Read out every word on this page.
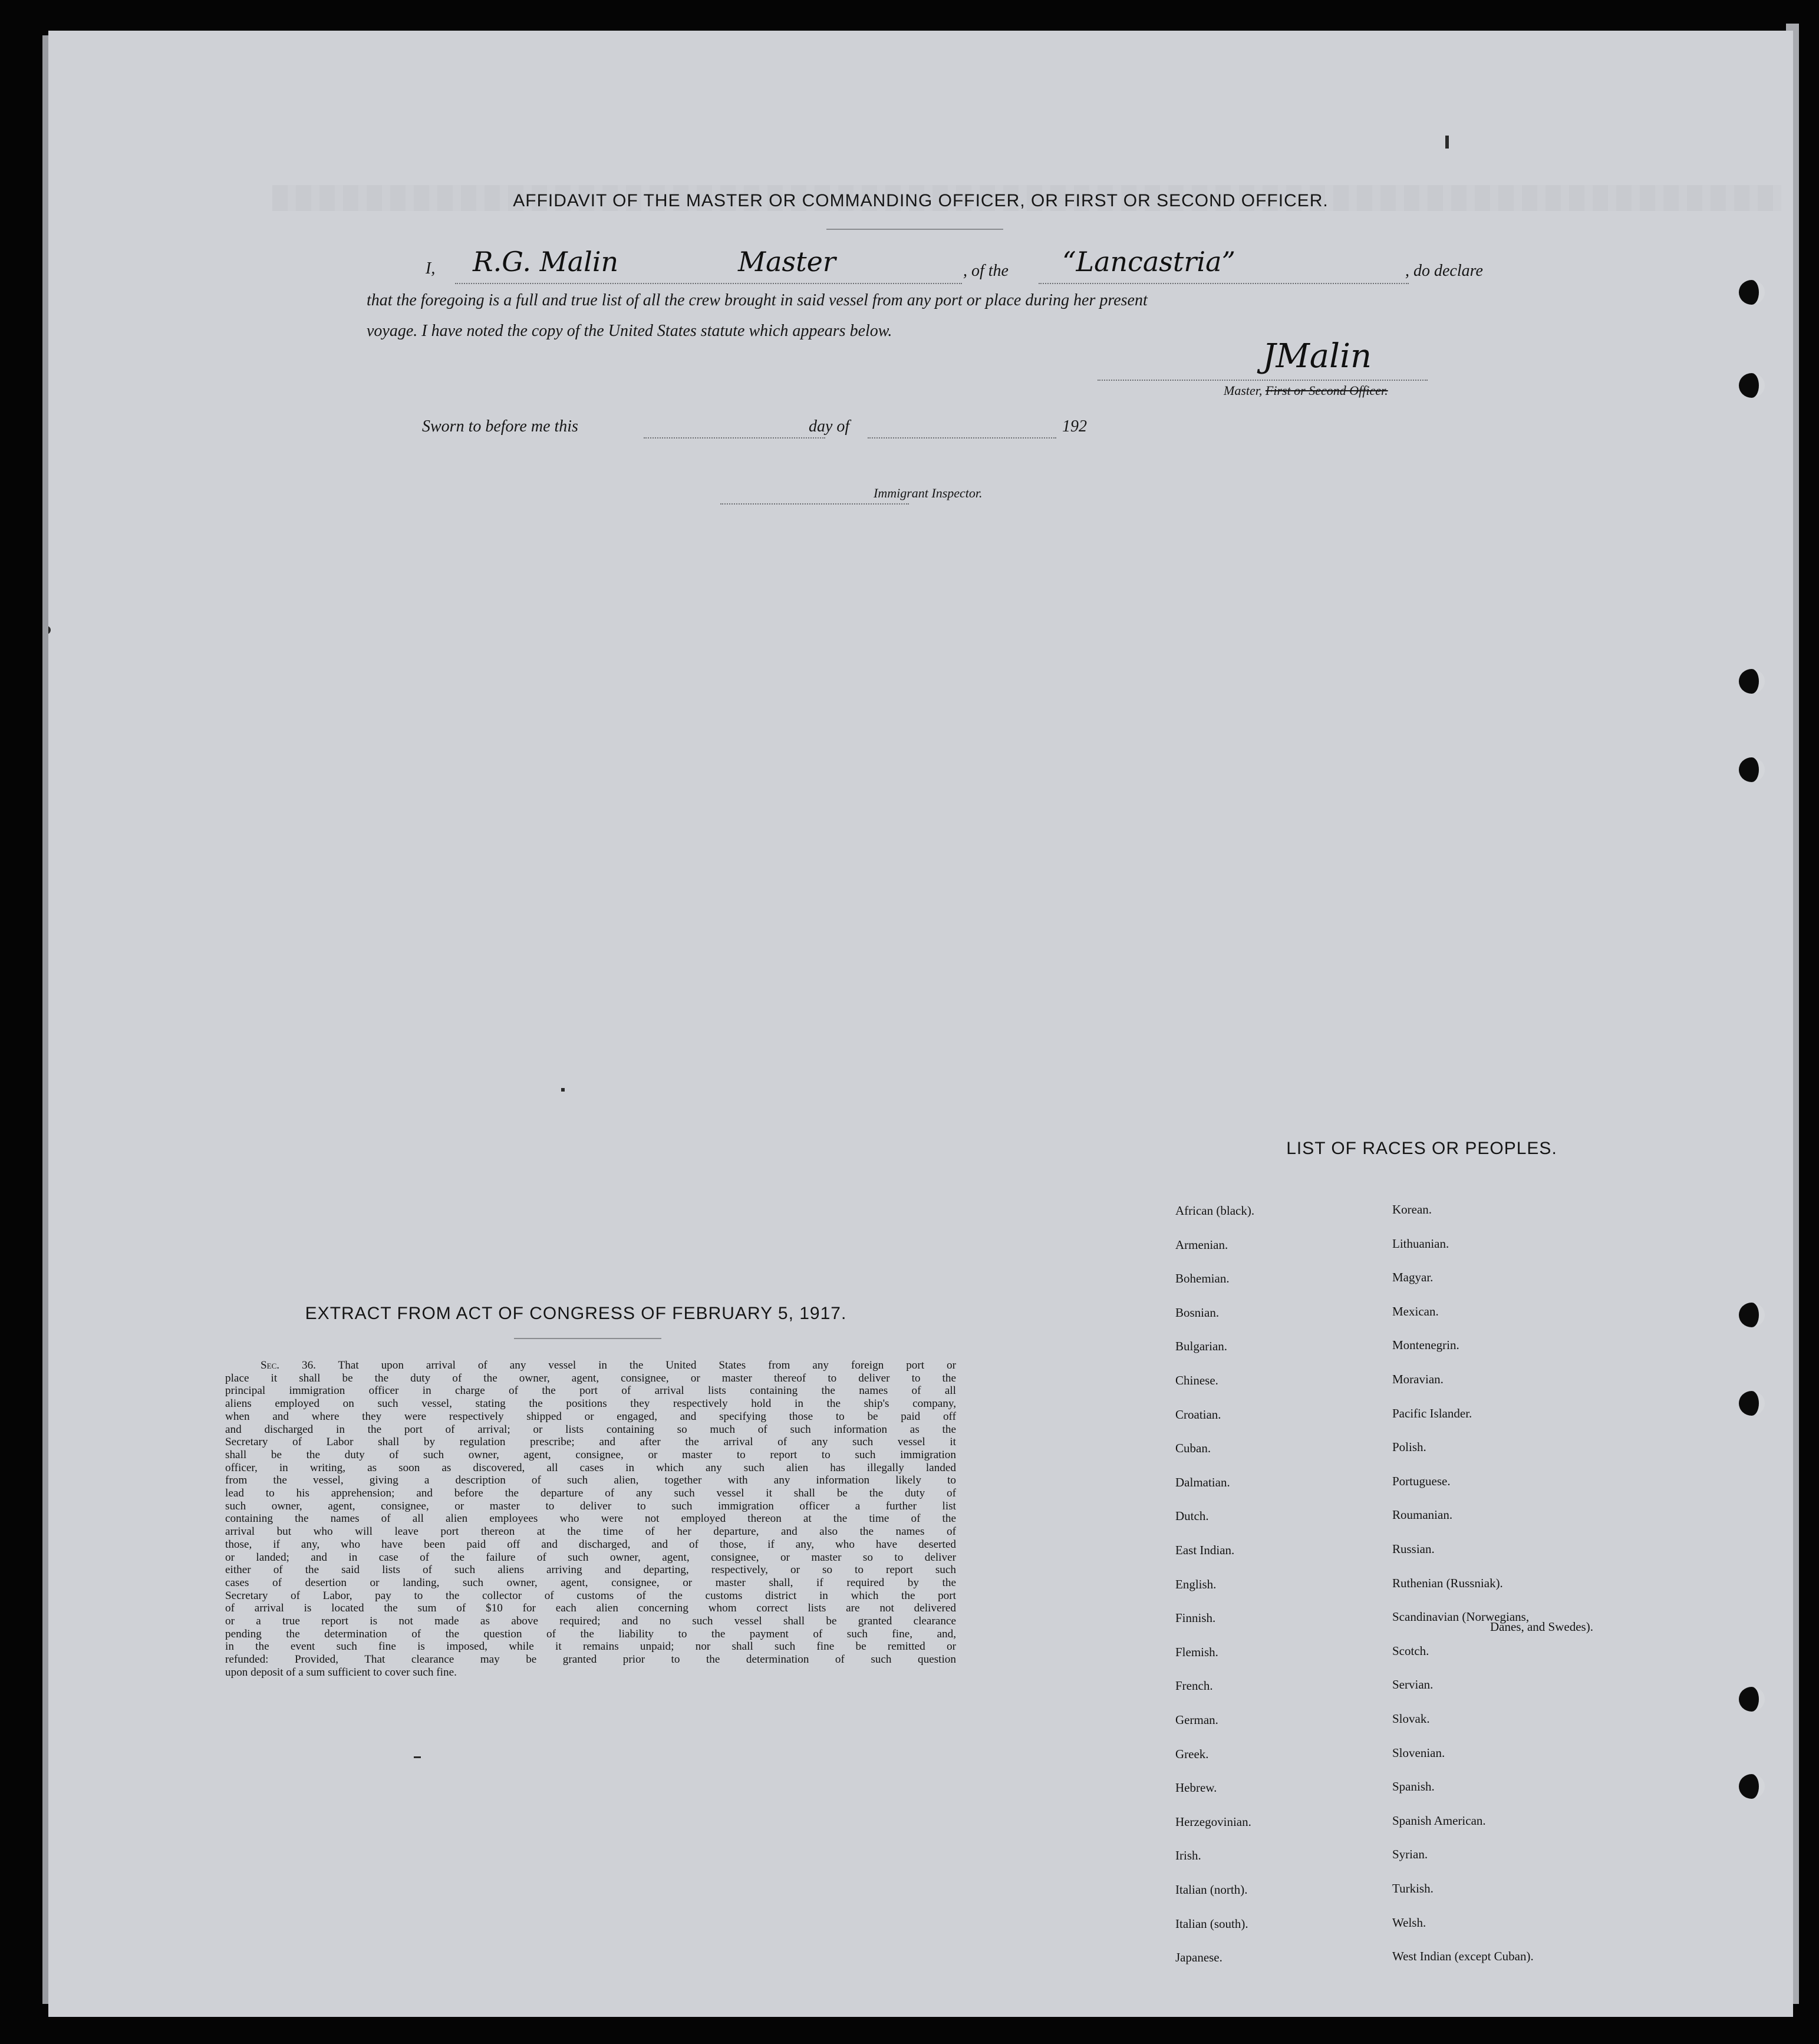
AFFIDAVIT OF THE MASTER OR COMMANDING OFFICER, OR FIRST OR SECOND OFFICER.
I, R.G. Malin	Master	, of the “Lancastria”	, do declare
that the foregoing is a full and true list of all the crew brought in said vessel from any port or place during her present
voyage. I have noted the copy of the United States statute which appears below.
JMalin
Master, First or Second Officer.
Sworn to before me this	day of	192
Immigrant Inspector.
EXTRACT FROM ACT OF CONGRESS OF FEBRUARY 5, 1917.
Sec. 36. That upon arrival of any vessel in the United States from any foreign port or
place it shall be the duty of the owner, agent, consignee, or master thereof to deliver to the
principal immigration officer in charge of the port of arrival lists containing the names of all
aliens employed on such vessel, stating the positions they respectively hold in the ship's company,
when and where they were respectively shipped or engaged, and specifying those to be paid off
and discharged in the port of arrival; or lists containing so much of such information as the
Secretary of Labor shall by regulation prescribe; and after the arrival of any such vessel it
shall be the duty of such owner, agent, consignee, or master to report to such immigration
officer, in writing, as soon as discovered, all cases in which any such alien has illegally landed
from the vessel, giving a description of such alien, together with any information likely to
lead to his apprehension; and before the departure of any such vessel it shall be the duty of
such owner, agent, consignee, or master to deliver to such immigration officer a further list
containing the names of all alien employees who were not employed thereon at the time of the
arrival but who will leave port thereon at the time of her departure, and also the names of
those, if any, who have been paid off and discharged, and of those, if any, who have deserted
or landed; and in case of the failure of such owner, agent, consignee, or master so to deliver
either of the said lists of such aliens arriving and departing, respectively, or so to report such
cases of desertion or landing, such owner, agent, consignee, or master shall, if required by the
Secretary of Labor, pay to the collector of customs of the customs district in which the port
of arrival is located the sum of $10 for each alien concerning whom correct lists are not delivered
or a true report is not made as above required; and no such vessel shall be granted clearance
pending the determination of the question of the liability to the payment of such fine, and,
in the event such fine is imposed, while it remains unpaid; nor shall such fine be remitted or
refunded: Provided, That clearance may be granted prior to the determination of such question
upon deposit of a sum sufficient to cover such fine.
LIST OF RACES OR PEOPLES.
African (black).
Armenian.
Bohemian.
Bosnian.
Bulgarian.
Chinese.
Croatian.
Cuban.
Dalmatian.
Dutch.
East Indian.
English.
Finnish.
Flemish.
French.
German.
Greek.
Hebrew.
Herzegovinian.
Irish.
Italian (north).
Italian (south).
Japanese.
Korean.
Lithuanian.
Magyar.
Mexican.
Montenegrin.
Moravian.
Pacific Islander.
Polish.
Portuguese.
Roumanian.
Russian.
Ruthenian (Russniak).
Scandinavian (Norwegians,
Scotch.
Servian.
Slovak.
Slovenian.
Spanish.
Spanish American.
Syrian.
Turkish.
Welsh.
West Indian (except Cuban).
Danes, and Swedes).
